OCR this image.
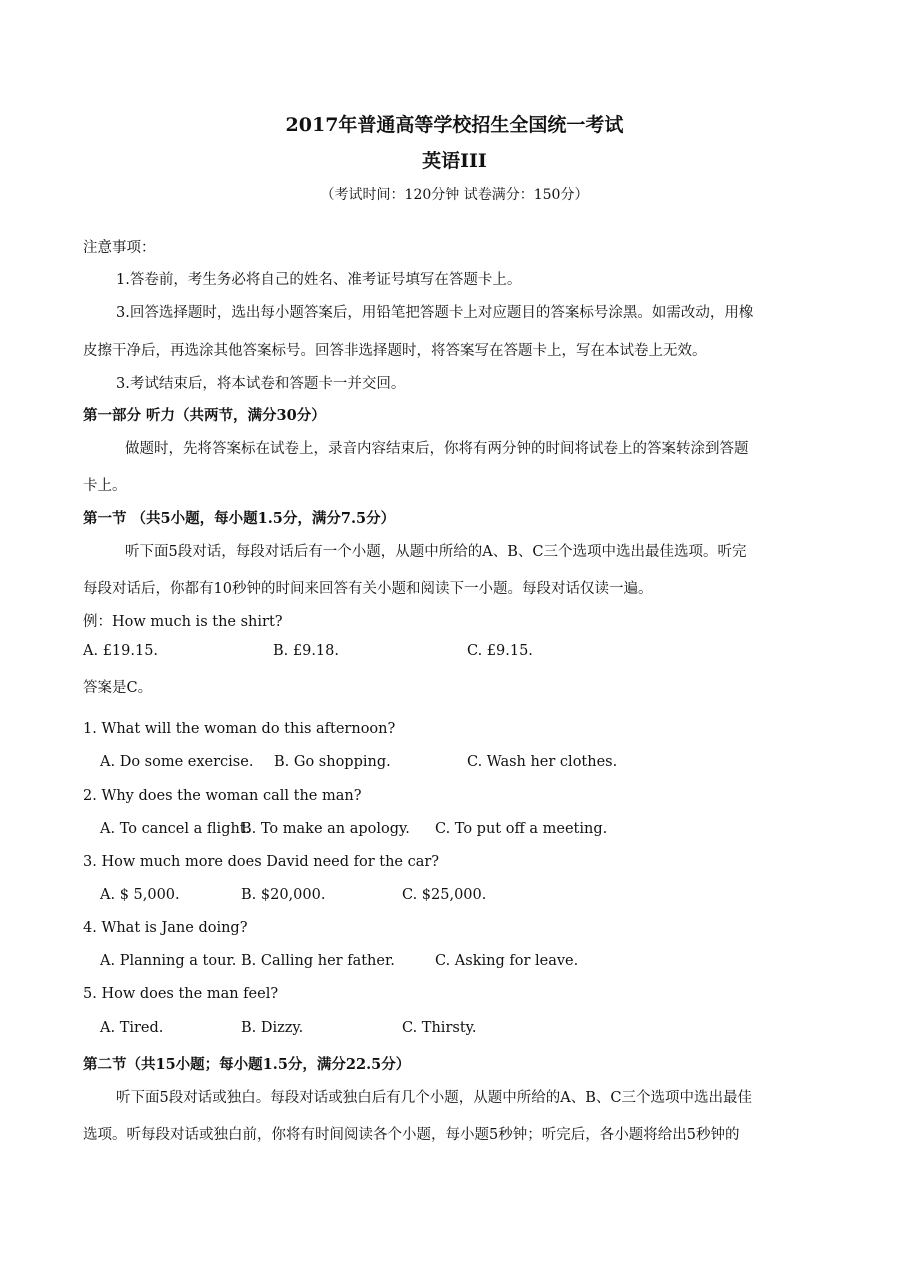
2017年普通高等学校招生全国统一考试
英语III
（考试时间：120分钟 试卷满分：150分）
注意事项：
1.答卷前，考生务必将自己的姓名、准考证号填写在答题卡上。
3.回答选择题时，选出每小题答案后，用铅笔把答题卡上对应题目的答案标号涂黑。如需改动，用橡
皮擦干净后，再选涂其他答案标号。回答非选择题时，将答案写在答题卡上，写在本试卷上无效。
3.考试结束后，将本试卷和答题卡一并交回。
第一部分 听力（共两节，满分30分）
做题时，先将答案标在试卷上，录音内容结束后，你将有两分钟的时间将试卷上的答案转涂到答题
卡上。
第一节 （共5小题，每小题1.5分，满分7.5分）
听下面5段对话，每段对话后有一个小题，从题中所给的A、B、C三个选项中选出最佳选项。听完
每段对话后，你都有10秒钟的时间来回答有关小题和阅读下一小题。每段对话仅读一遍。
例：How much is the shirt?
A. £19.15.	B. £9.18.	C. £9.15.
答案是C。
1. What will the woman do this afternoon?
A. Do some exercise. B. Go shopping.	C. Wash her clothes.
2. Why does the woman call the man?
A. To cancel a flight.
B. To make an apology. C. To put off a meeting.
3. How much more does David need for the car?
A. $ 5,000.	B. $20,000.	C. $25,000.
4. What is Jane doing?
A. Planning a tour. B. Calling her father.	C. Asking for leave.
5. How does the man feel?
A. Tired.	B. Dizzy.	C. Thirsty.
第二节（共15小题；每小题1.5分，满分22.5分）
听下面5段对话或独白。每段对话或独白后有几个小题，从题中所给的A、B、C三个选项中选出最佳
选项。听每段对话或独白前，你将有时间阅读各个小题，每小题5秒钟；听完后，各小题将给出5秒钟的
